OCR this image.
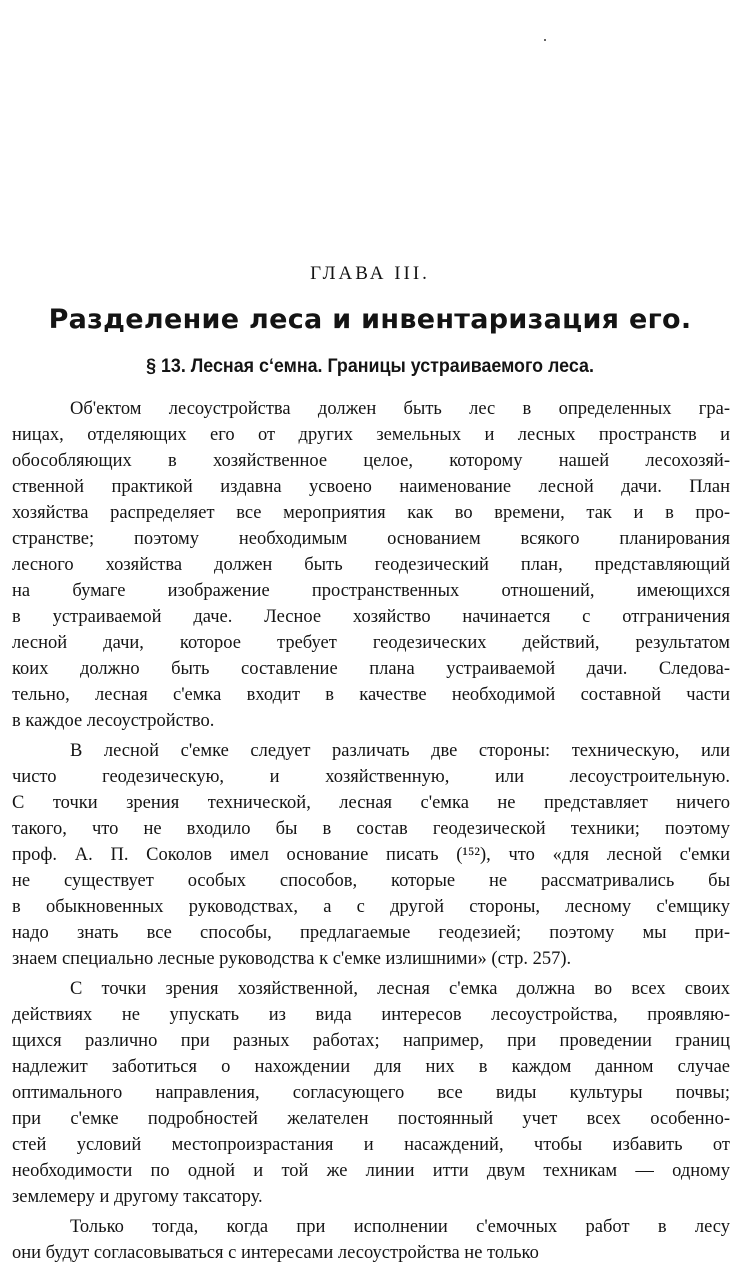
ГЛАВА III.
Разделение леса и инвентаризация его.
§ 13. Лесная с‘емна. Границы устраиваемого леса.
Об'ектом лесоустройства должен быть лес в определенных гра-
ницах, отделяющих его от других земельных и лесных пространств и
обособляющих в хозяйственное целое, которому нашей лесохозяй-
ственной практикой издавна усвоено наименование лесной дачи. План
хозяйства распределяет все мероприятия как во времени, так и в про-
странстве; поэтому необходимым основанием всякого планирования
лесного хозяйства должен быть геодезический план, представляющий
на бумаге изображение пространственных отношений, имеющихся
в устраиваемой даче. Лесное хозяйство начинается с отграничения
лесной дачи, которое требует геодезических действий, результатом
коих должно быть составление плана устраиваемой дачи. Следова-
тельно, лесная с'емка входит в качестве необходимой составной части
в каждое лесоустройство.
В лесной с'емке следует различать две стороны: техническую, или
чисто геодезическую, и хозяйственную, или лесоустроительную.
С точки зрения технической, лесная с'емка не представляет ничего
такого, что не входило бы в состав геодезической техники; поэтому
проф. А. П. Соколов имел основание писать (¹⁵²), что «для лесной с'емки
не существует особых способов, которые не рассматривались бы
в обыкновенных руководствах, а с другой стороны, лесному с'емщику
надо знать все способы, предлагаемые геодезией; поэтому мы при-
знаем специально лесные руководства к с'емке излишними» (стр. 257).
С точки зрения хозяйственной, лесная с'емка должна во всех своих
действиях не упускать из вида интересов лесоустройства, проявляю-
щихся различно при разных работах; например, при проведении границ
надлежит заботиться о нахождении для них в каждом данном случае
оптимального направления, согласующего все виды культуры почвы;
при с'емке подробностей желателен постоянный учет всех особенно-
стей условий местопроизрастания и насаждений, чтобы избавить от
необходимости по одной и той же линии итти двум техникам — одному
землемеру и другому таксатору.
Только тогда, когда при исполнении с'емочных работ в лесу
они будут согласовываться с интересами лесоустройства не только
